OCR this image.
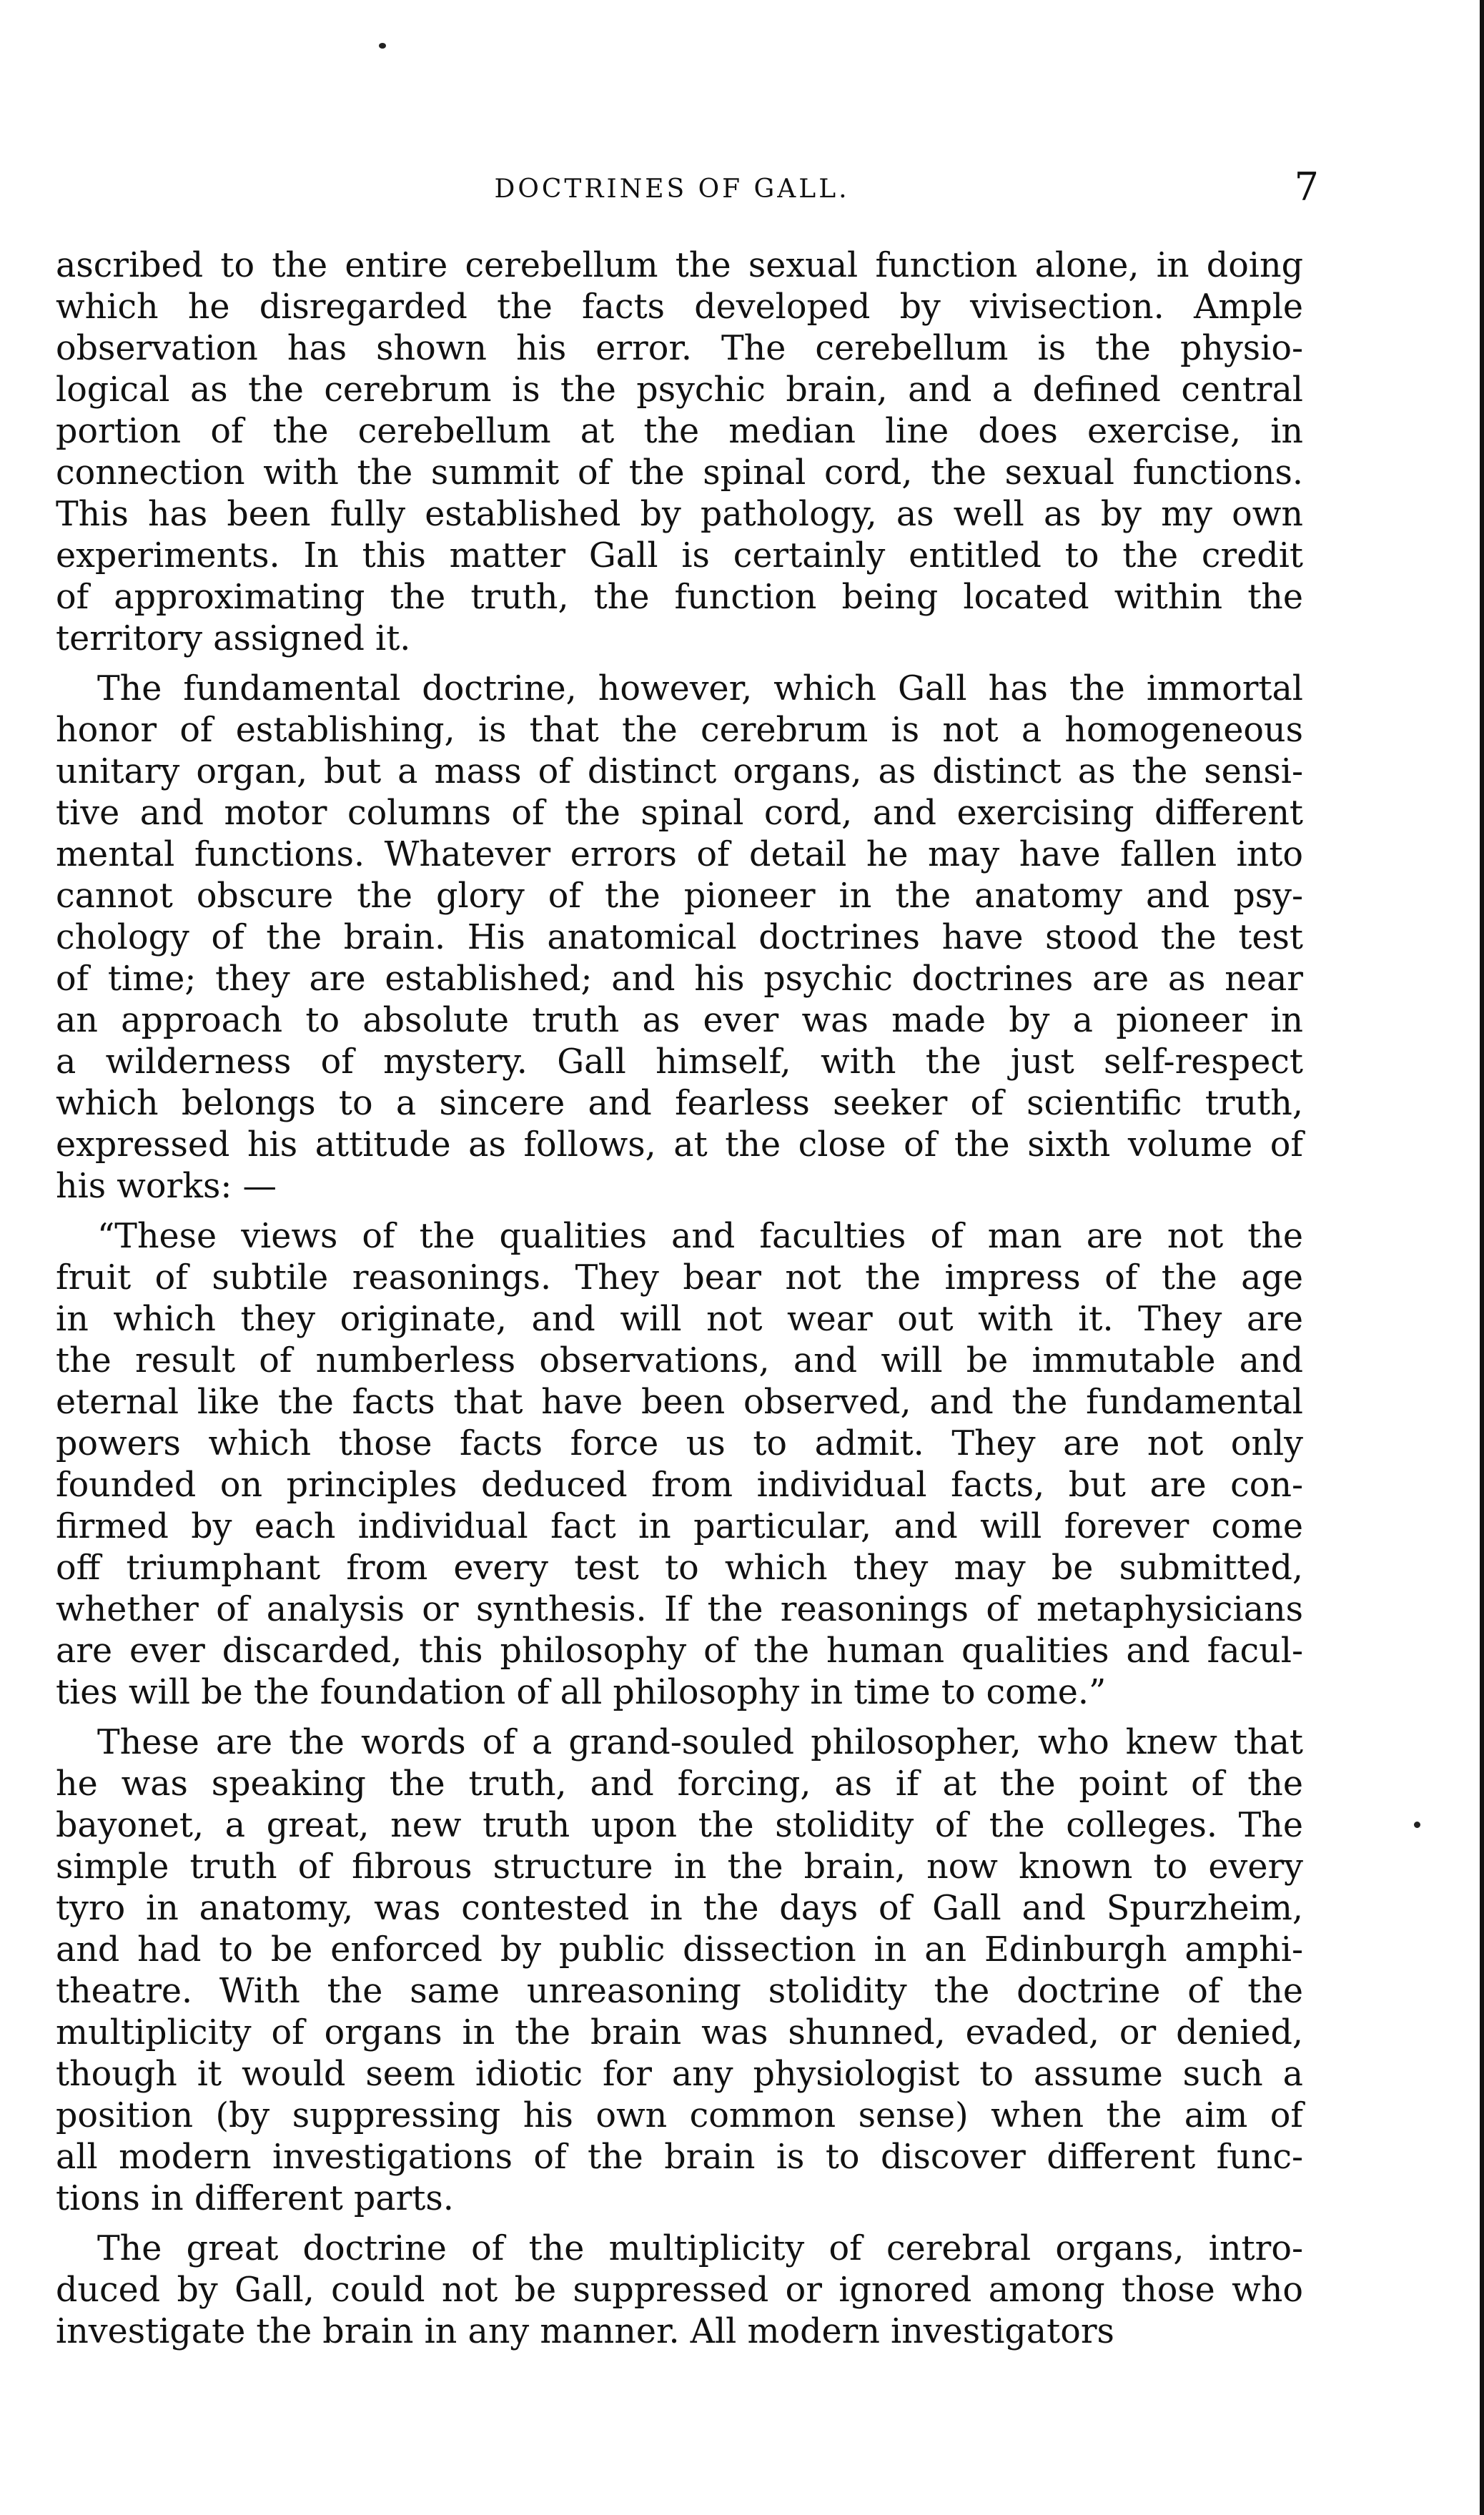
DOCTRINES OF GALL.	7
ascribed to the entire cerebellum the sexual function alone, in doing
which he disregarded the facts developed by vivisection. Ample
observation has shown his error. The cerebellum is the physio-
logical as the cerebrum is the psychic brain, and a defined central
portion of the cerebellum at the median line does exercise, in
connection with the summit of the spinal cord, the sexual functions.
This has been fully established by pathology, as well as by my own
experiments. In this matter Gall is certainly entitled to the credit
of approximating the truth, the function being located within the
territory assigned it.
The fundamental doctrine, however, which Gall has the immortal
honor of establishing, is that the cerebrum is not a homogeneous
unitary organ, but a mass of distinct organs, as distinct as the sensi-
tive and motor columns of the spinal cord, and exercising different
mental functions. Whatever errors of detail he may have fallen into
cannot obscure the glory of the pioneer in the anatomy and psy-
chology of the brain. His anatomical doctrines have stood the test
of time; they are established; and his psychic doctrines are as near
an approach to absolute truth as ever was made by a pioneer in
a wilderness of mystery. Gall himself, with the just self-respect
which belongs to a sincere and fearless seeker of scientific truth,
expressed his attitude as follows, at the close of the sixth volume of
his works: —
“These views of the qualities and faculties of man are not the
fruit of subtile reasonings. They bear not the impress of the age
in which they originate, and will not wear out with it. They are
the result of numberless observations, and will be immutable and
eternal like the facts that have been observed, and the fundamental
powers which those facts force us to admit. They are not only
founded on principles deduced from individual facts, but are con-
firmed by each individual fact in particular, and will forever come
off triumphant from every test to which they may be submitted,
whether of analysis or synthesis. If the reasonings of metaphysicians
are ever discarded, this philosophy of the human qualities and facul-
ties will be the foundation of all philosophy in time to come.”
These are the words of a grand-souled philosopher, who knew that
he was speaking the truth, and forcing, as if at the point of the
bayonet, a great, new truth upon the stolidity of the colleges. The
simple truth of fibrous structure in the brain, now known to every
tyro in anatomy, was contested in the days of Gall and Spurzheim,
and had to be enforced by public dissection in an Edinburgh amphi-
theatre. With the same unreasoning stolidity the doctrine of the
multiplicity of organs in the brain was shunned, evaded, or denied,
though it would seem idiotic for any physiologist to assume such a
position (by suppressing his own common sense) when the aim of
all modern investigations of the brain is to discover different func-
tions in different parts.
The great doctrine of the multiplicity of cerebral organs, intro-
duced by Gall, could not be suppressed or ignored among those who
investigate the brain in any manner. All modern investigators
